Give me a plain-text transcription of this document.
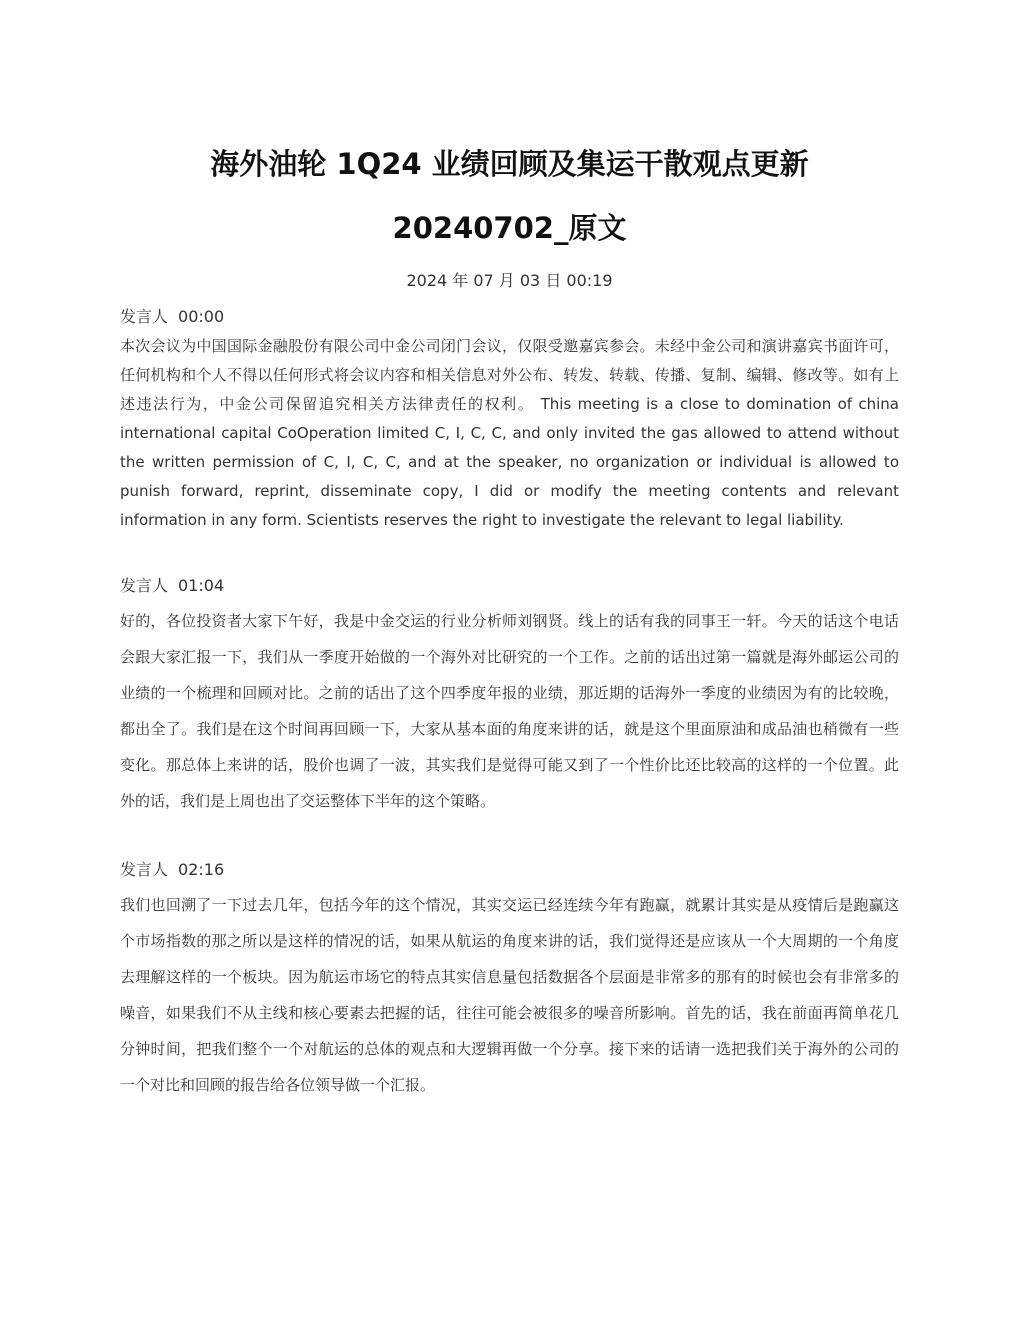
海外油轮 1Q24 业绩回顾及集运干散观点更新
20240702_原文
2024 年 07 月 03 日 00:19

发言人 00:00

本次会议为中国国际金融股份有限公司中金公司闭门会议，仅限受邀嘉宾参会。未经中金公司和演讲嘉宾书面许可，任何机构和个人不得以任何形式将会议内容和相关信息对外公布、转发、转载、传播、复制、编辑、修改等。如有上述违法行为，中金公司保留追究相关方法律责任的权利。 This meeting is a close to domination of china international capital CoOperation limited C, I, C, C, and only invited the gas allowed to attend without the written permission of C, I, C, C, and at the speaker, no organization or individual is allowed to punish forward, reprint, disseminate copy, I did or modify the meeting contents and relevant information in any form. Scientists reserves the right to investigate the relevant to legal liability.

发言人 01:04

好的，各位投资者大家下午好，我是中金交运的行业分析师刘钢贤。线上的话有我的同事王一轩。今天的话这个电话会跟大家汇报一下，我们从一季度开始做的一个海外对比研究的一个工作。之前的话出过第一篇就是海外邮运公司的业绩的一个梳理和回顾对比。之前的话出了这个四季度年报的业绩，那近期的话海外一季度的业绩因为有的比较晚，都出全了。我们是在这个时间再回顾一下，大家从基本面的角度来讲的话，就是这个里面原油和成品油也稍微有一些变化。那总体上来讲的话，股价也调了一波，其实我们是觉得可能又到了一个性价比还比较高的这样的一个位置。此外的话，我们是上周也出了交运整体下半年的这个策略。

发言人 02:16

我们也回溯了一下过去几年，包括今年的这个情况，其实交运已经连续今年有跑赢，就累计其实是从疫情后是跑赢这个市场指数的那之所以是这样的情况的话，如果从航运的角度来讲的话，我们觉得还是应该从一个大周期的一个角度去理解这样的一个板块。因为航运市场它的特点其实信息量包括数据各个层面是非常多的那有的时候也会有非常多的噪音，如果我们不从主线和核心要素去把握的话，往往可能会被很多的噪音所影响。首先的话，我在前面再简单花几分钟时间，把我们整个一个对航运的总体的观点和大逻辑再做一个分享。接下来的话请一选把我们关于海外的公司的一个对比和回顾的报告给各位领导做一个汇报。
